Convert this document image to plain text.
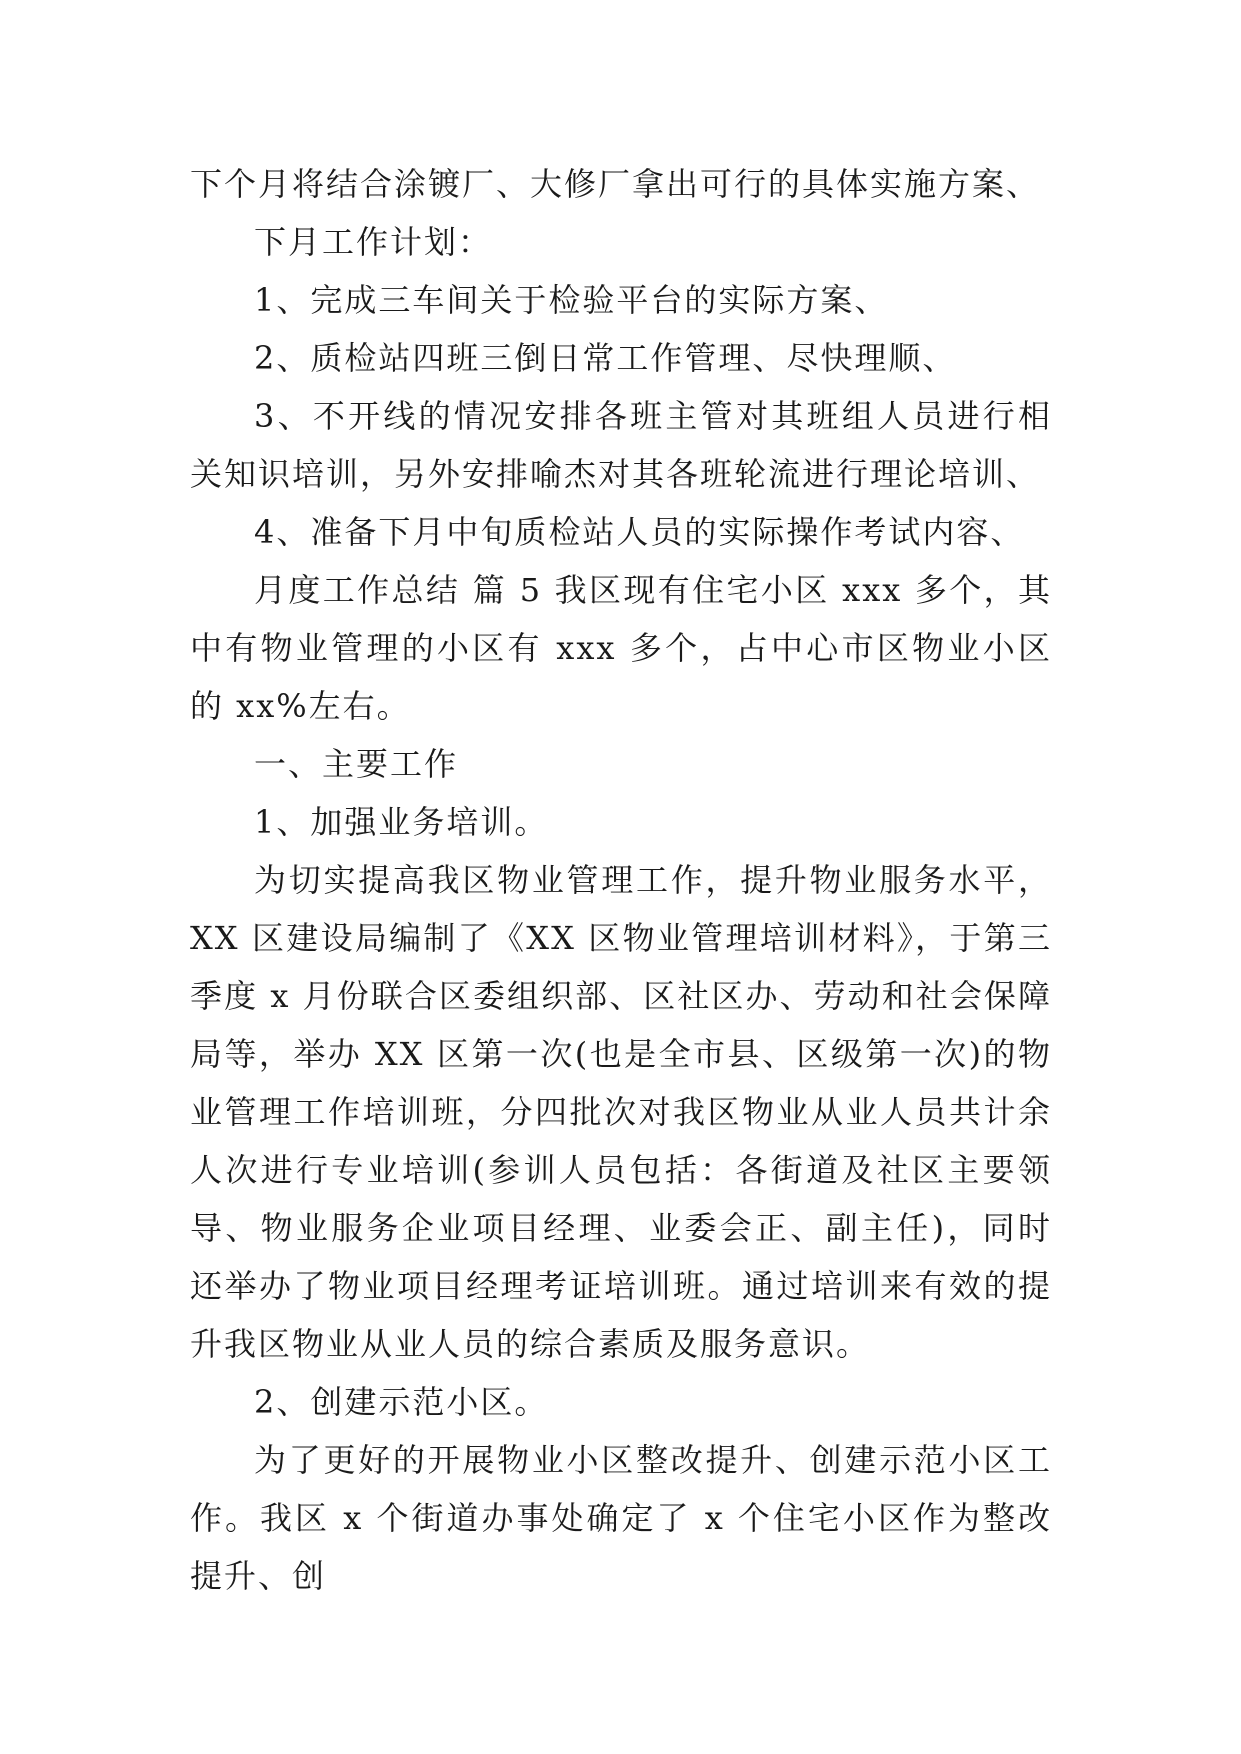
下个月将结合涂镀厂、大修厂拿出可行的具体实施方案、

下月工作计划：

1、完成三车间关于检验平台的实际方案、

2、质检站四班三倒日常工作管理、尽快理顺、

3、不开线的情况安排各班主管对其班组人员进行相关知识培训，另外安排喻杰对其各班轮流进行理论培训、

4、准备下月中旬质检站人员的实际操作考试内容、

月度工作总结 篇 5 我区现有住宅小区 xxx 多个，其中有物业管理的小区有 xxx 多个，占中心市区物业小区的 xx%左右。

一、主要工作

1、加强业务培训。

为切实提高我区物业管理工作，提升物业服务水平，XX 区建设局编制了《XX 区物业管理培训材料》，于第三季度 x 月份联合区委组织部、区社区办、劳动和社会保障局等，举办 XX 区第一次(也是全市县、区级第一次)的物业管理工作培训班，分四批次对我区物业从业人员共计余人次进行专业培训(参训人员包括：各街道及社区主要领导、物业服务企业项目经理、业委会正、副主任)，同时还举办了物业项目经理考证培训班。通过培训来有效的提升我区物业从业人员的综合素质及服务意识。

2、创建示范小区。

为了更好的开展物业小区整改提升、创建示范小区工作。我区 x 个街道办事处确定了 x 个住宅小区作为整改提升、创
